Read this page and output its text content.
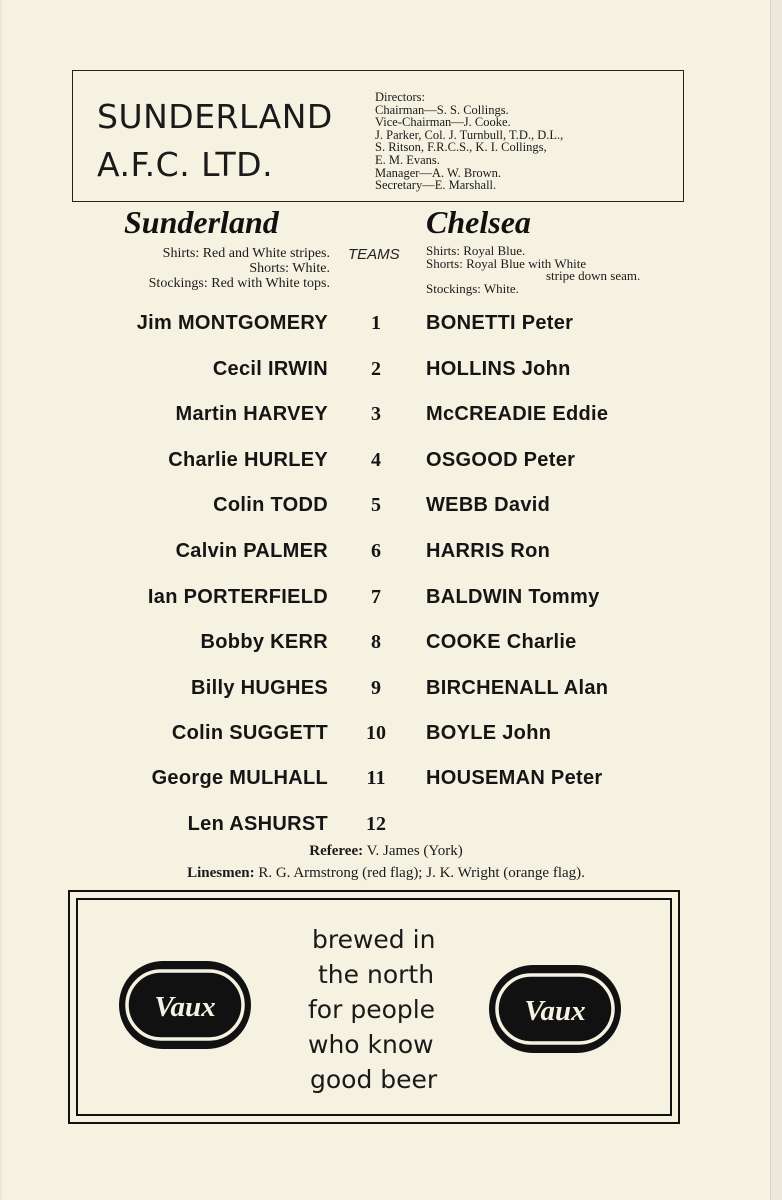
SUNDERLAND
A.F.C. LTD.
Directors:
Chairman—S. S. Collings.
Vice-Chairman—J. Cooke.
J. Parker, Col. J. Turnbull, T.D., D.L.,
S. Ritson, F.R.C.S., K. I. Collings,
E. M. Evans.
Manager—A. W. Brown.
Secretary—E. Marshall.
Sunderland	Chelsea
Shirts: Red and White stripes.
Shorts: White.
Stockings: Red with White tops.
TEAMS Shirts: Royal Blue.
Shorts: Royal Blue with White
stripe down seam.
Stockings: White.
Jim MONTGOMERY	1	BONETTI Peter
Cecil IRWIN	2	HOLLINS John
Martin HARVEY	3	McCREADIE Eddie
Charlie HURLEY	4	OSGOOD Peter
Colin TODD	5	WEBB David
Calvin PALMER	6	HARRIS Ron
Ian PORTERFIELD	7	BALDWIN Tommy
Bobby KERR	8	COOKE Charlie
Billy HUGHES	9	BIRCHENALL Alan
Colin SUGGETT	10	BOYLE John
George MULHALL	11	HOUSEMAN Peter
Len ASHURST	12
Referee: V. James (York)
Linesmen: R. G. Armstrong (red flag); J. K. Wright (orange flag).
Vaux
brewed in
the north
for people
who know
good beer
Vaux
